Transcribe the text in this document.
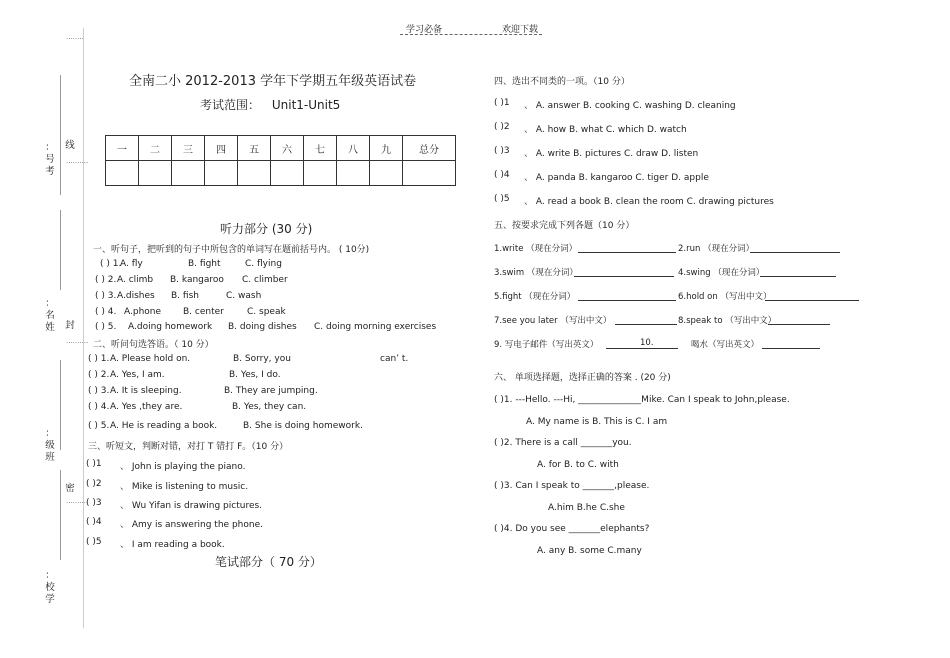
学习必备	欢迎下载
········
线
··········
封
··········
密
·········
：号 考
：名 姓
：级 班
：校 学
全南二小 2012-2013 学年下学期五年级英语试卷
考试范围： Unit1-Unit5
一	二	三	四	五	六	七	八	九	总分

听力部分 (30 分)
一、听句子，把听到的句子中所包含的单词写在题前括号内。 ( 10分)
( ) 1.
A. fly	B. fight	C. flying
( ) 2. A. climb B. kangaroo C. climber
( ) 3. A.dishes B. fish	C. wash
( ) 4. A.phone B. center	C. speak
( ) 5. A.doing homework B. doing dishes C. doing morning exercises
二、听问句选答语。（ 10 分）
( ) 1. A. Please hold on.	B. Sorry, you	can’ t.
( ) 2. A. Yes, I am.	B. Yes, I do.
( ) 3. A. It is sleeping.	B. They are jumping.
( ) 4. A. Yes ,they are.	B. Yes, they can.
( ) 5. A. He is reading a book.	B. She is doing homework.
三、听短文，判断对错，对打 T 错打 F。（10 分）
( )1 、 John is playing the piano.
( )2 、 Mike is listening to music.
( )3 、 Wu Yifan is drawing pictures.
( )4 、 Amy is answering the phone.
( )5 、 I am reading a book.
笔试部分（ 70 分）
四、选出不同类的一项。（10 分）
( )1 、 A. answer B. cooking C. washing D. cleaning
( )2 、 A. how B. what C. which D. watch
( )3 、 A. write B. pictures C. draw D. listen
( )4 、 A. panda B. kangaroo C. tiger D. apple
( )5 、 A. read a book B. clean the room C. drawing pictures
五、按要求完成下列各题（10 分）
1.write （现在分词）	2.run （现在分词）
3.swim （现在分词）	4.swing （现在分词）
5.fight （现在分词）	6.hold on （写出中文）
7.see you later （写出中文）	8.speak to （写出中文）
9. 写电子邮件（写出英文）	10.	喝水（写出英文）
六、 单项选择题，选择正确的答案 . (20 分)
( )1. ---Hello. ---Hi, ______________Mike. Can I speak to John,please.
A. My name is B. This is C. I am
( )2. There is a call _______you.
A. for B. to C. with
( )3. Can I speak to _______,please.
A.him B.he C.she
( )4. Do you see _______elephants?
A. any B. some C.many
